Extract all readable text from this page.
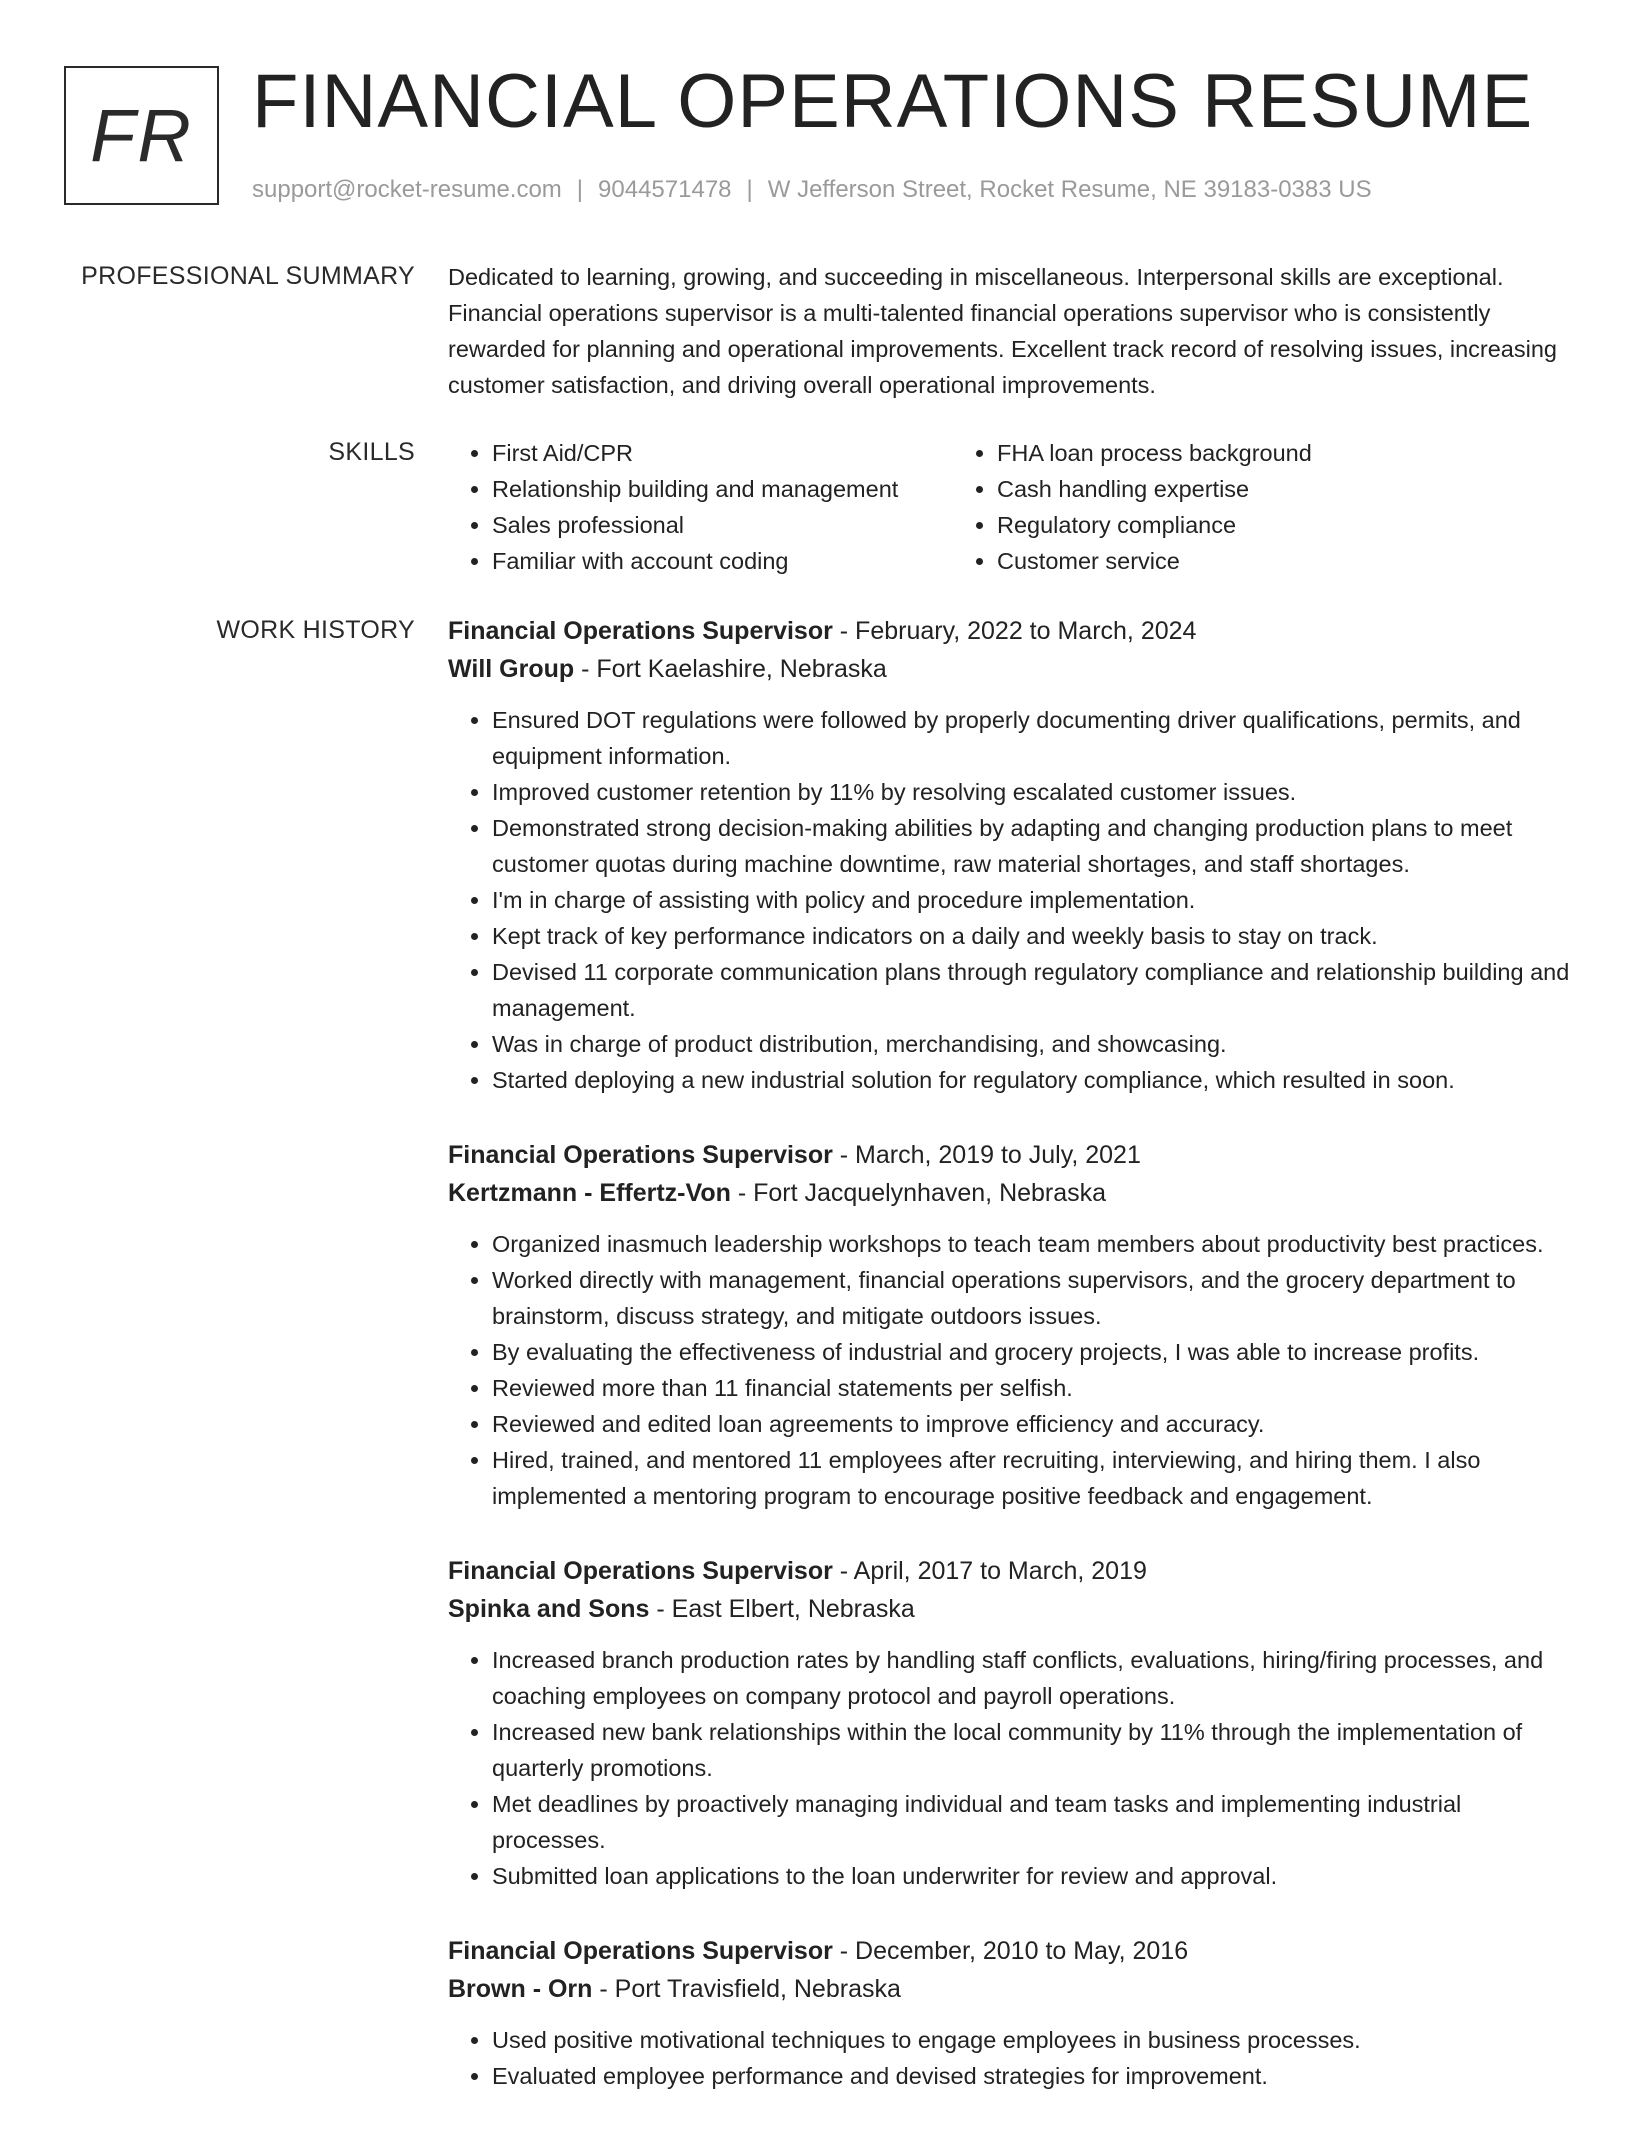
FR FINANCIAL OPERATIONS RESUME
support@rocket-resume.com | 9044571478 | W Jefferson Street, Rocket Resume, NE 39183-0383 US
PROFESSIONAL SUMMARY Dedicated to learning, growing, and succeeding in miscellaneous. Interpersonal skills are exceptional. Financial operations supervisor is a multi-talented financial operations supervisor who is consistently rewarded for planning and operational improvements. Excellent track record of resolving issues, increasing customer satisfaction, and driving overall operational improvements.

SKILLS
•	First Aid/CPR
• Relationship building and management
• Sales professional
• Familiar with account coding
• FHA loan process background
• Cash handling expertise
• Regulatory compliance
• Customer service
WORK HISTORY Financial Operations Supervisor - February, 2022 to March, 2024
Will Group - Fort Kaelashire, Nebraska
• Ensured DOT regulations were followed by properly documenting driver qualifications, permits, and equipment information.
• Improved customer retention by 11% by resolving escalated customer issues.
• Demonstrated strong decision-making abilities by adapting and changing production plans to meet customer quotas during machine downtime, raw material shortages, and staff shortages.
• I'm in charge of assisting with policy and procedure implementation.
• Kept track of key performance indicators on a daily and weekly basis to stay on track.
• Devised 11 corporate communication plans through regulatory compliance and relationship building and management.
• Was in charge of product distribution, merchandising, and showcasing.
• Started deploying a new industrial solution for regulatory compliance, which resulted in soon.
Financial Operations Supervisor - March, 2019 to July, 2021
Kertzmann - Effertz-Von - Fort Jacquelynhaven, Nebraska
• Organized inasmuch leadership workshops to teach team members about productivity best practices.
• Worked directly with management, financial operations supervisors, and the grocery department to brainstorm, discuss strategy, and mitigate outdoors issues.
• By evaluating the effectiveness of industrial and grocery projects, I was able to increase profits.
• Reviewed more than 11 financial statements per selfish.
• Reviewed and edited loan agreements to improve efficiency and accuracy.
• Hired, trained, and mentored 11 employees after recruiting, interviewing, and hiring them. I also implemented a mentoring program to encourage positive feedback and engagement.
Financial Operations Supervisor - April, 2017 to March, 2019
Spinka and Sons - East Elbert, Nebraska
• Increased branch production rates by handling staff conflicts, evaluations, hiring/firing processes, and coaching employees on company protocol and payroll operations.
• Increased new bank relationships within the local community by 11% through the implementation of quarterly promotions.
• Met deadlines by proactively managing individual and team tasks and implementing industrial processes.
• Submitted loan applications to the loan underwriter for review and approval.
Financial Operations Supervisor - December, 2010 to May, 2016
Brown - Orn - Port Travisfield, Nebraska
• Used positive motivational techniques to engage employees in business processes.
• Evaluated employee performance and devised strategies for improvement.
